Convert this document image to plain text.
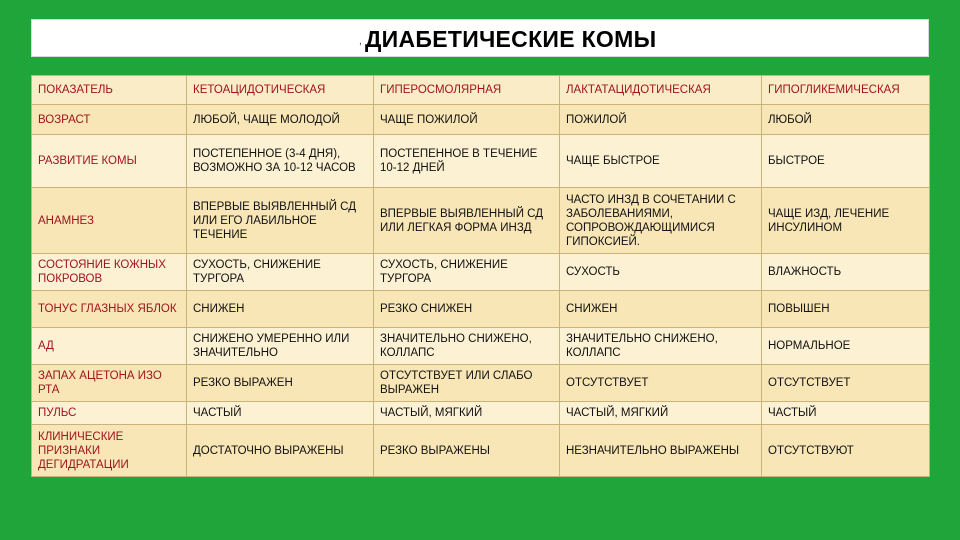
, ДИАБЕТИЧЕСКИЕ КОМЫ
ПОКАЗАТЕЛЬ	КЕТОАЦИДОТИЧЕСКАЯ	ГИПЕРОСМОЛЯРНАЯ	ЛАКТАТАЦИДОТИЧЕСКАЯ	ГИПОГЛИКЕМИЧЕСКАЯ
ВОЗРАСТ	ЛЮБОЙ, ЧАЩЕ МОЛОДОЙ	ЧАЩЕ ПОЖИЛОЙ	ПОЖИЛОЙ	ЛЮБОЙ
РАЗВИТИЕ КОМЫ	ПОСТЕПЕННОЕ (3-4 ДНЯ), ВОЗМОЖНО ЗА 10-12 ЧАСОВ	ПОСТЕПЕННОЕ В ТЕЧЕНИЕ 10-12 ДНЕЙ	ЧАЩЕ БЫСТРОЕ	БЫСТРОЕ
АНАМНЕЗ	ВПЕРВЫЕ ВЫЯВЛЕННЫЙ СД ИЛИ ЕГО ЛАБИЛЬНОЕ ТЕЧЕНИЕ	ВПЕРВЫЕ ВЫЯВЛЕННЫЙ СД ИЛИ ЛЕГКАЯ ФОРМА ИНЗД	ЧАСТО ИНЗД В СОЧЕТАНИИ С ЗАБОЛЕВАНИЯМИ, СОПРОВОЖДАЮЩИМИСЯ ГИПОКСИЕЙ.	ЧАЩЕ ИЗД, ЛЕЧЕНИЕ ИНСУЛИНОМ
СОСТОЯНИЕ КОЖНЫХ ПОКРОВОВ	СУХОСТЬ, СНИЖЕНИЕ ТУРГОРА	СУХОСТЬ, СНИЖЕНИЕ ТУРГОРА	СУХОСТЬ	ВЛАЖНОСТЬ
ТОНУС ГЛАЗНЫХ ЯБЛОК	СНИЖЕН	РЕЗКО СНИЖЕН	СНИЖЕН	ПОВЫШЕН
АД	СНИЖЕНО УМЕРЕННО ИЛИ ЗНАЧИТЕЛЬНО	ЗНАЧИТЕЛЬНО СНИЖЕНО, КОЛЛАПС	ЗНАЧИТЕЛЬНО СНИЖЕНО, КОЛЛАПС	НОРМАЛЬНОЕ
ЗАПАХ АЦЕТОНА ИЗО РТА	РЕЗКО ВЫРАЖЕН	ОТСУТСТВУЕТ ИЛИ СЛАБО ВЫРАЖЕН	ОТСУТСТВУЕТ	ОТСУТСТВУЕТ
ПУЛЬС	ЧАСТЫЙ	ЧАСТЫЙ, МЯГКИЙ	ЧАСТЫЙ, МЯГКИЙ	ЧАСТЫЙ
КЛИНИЧЕСКИЕ ПРИЗНАКИ ДЕГИДРАТАЦИИ	ДОСТАТОЧНО ВЫРАЖЕНЫ	РЕЗКО ВЫРАЖЕНЫ	НЕЗНАЧИТЕЛЬНО ВЫРАЖЕНЫ	ОТСУТСТВУЮТ
